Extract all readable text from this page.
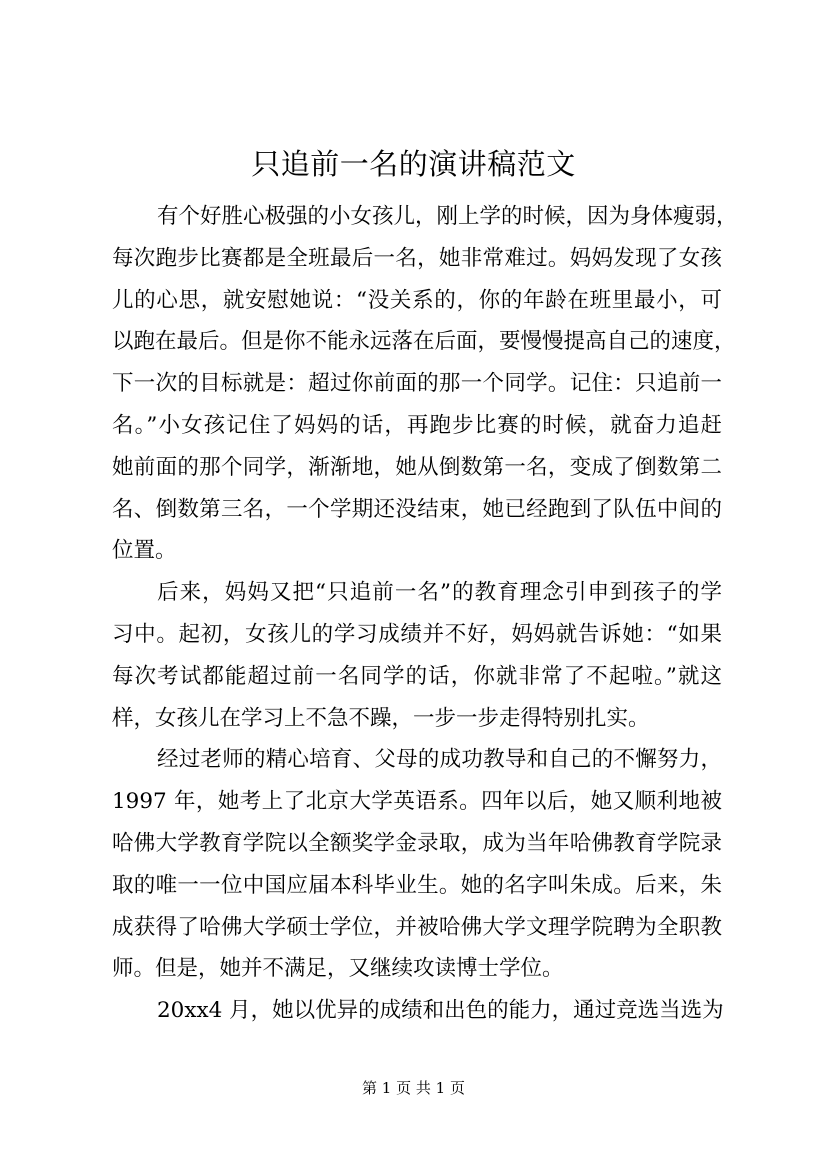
只追前一名的演讲稿范文
有个好胜心极强的小女孩儿，刚上学的时候，因为身体瘦弱，
每次跑步比赛都是全班最后一名，她非常难过。妈妈发现了女孩
儿的心思，就安慰她说：“没关系的，你的年龄在班里最小，可
以跑在最后。但是你不能永远落在后面，要慢慢提高自己的速度，
下一次的目标就是：超过你前面的那一个同学。记住：只追前一
名。”小女孩记住了妈妈的话，再跑步比赛的时候，就奋力追赶
她前面的那个同学，渐渐地，她从倒数第一名，变成了倒数第二
名、倒数第三名，一个学期还没结束，她已经跑到了队伍中间的
位置。
后来，妈妈又把“只追前一名”的教育理念引申到孩子的学
习中。起初，女孩儿的学习成绩并不好，妈妈就告诉她：“如果
每次考试都能超过前一名同学的话，你就非常了不起啦。”就这
样，女孩儿在学习上不急不躁，一步一步走得特别扎实。
经过老师的精心培育、父母的成功教导和自己的不懈努力，
1997 年，她考上了北京大学英语系。四年以后，她又顺利地被
哈佛大学教育学院以全额奖学金录取，成为当年哈佛教育学院录
取的唯一一位中国应届本科毕业生。她的名字叫朱成。后来，朱
成获得了哈佛大学硕士学位，并被哈佛大学文理学院聘为全职教
师。但是，她并不满足，又继续攻读博士学位。
20xx4 月，她以优异的成绩和出色的能力，通过竞选当选为
第 1 页 共 1 页
